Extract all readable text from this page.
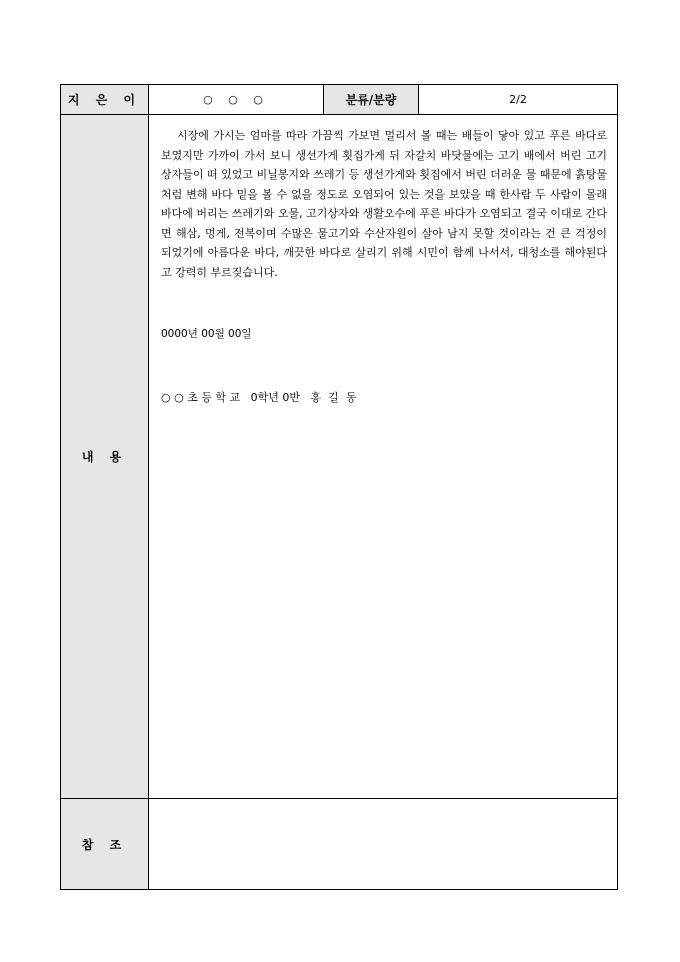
지 은 이	○ ○ ○	분류/분량	2/2
내 용	시장에 가시는 엄마를 따라 가끔씩 가보면 멀리서 볼 때는 배들이 닿아 있고 푸른 바다로 보였지만 가까이 가서 보니 생선가게 횟집가게 뒤 자갈치 바닷물에는 고기 배에서 버린 고기 상자들이 떠 있었고 비닐봉지와 쓰레기 등 생선가게와 횟집에서 버린 더러운 물 때문에 흙탕물처럼 변해 바다 밑을 볼 수 없을 정도로 오염되어 있는 것을 보았을 때 한사람 두 사람이 몰래 바다에 버리는 쓰레기와 오물, 고기상자와 생활오수에 푸른 바다가 오염되고 결국 이대로 간다면 해삼, 멍게, 전복이며 수많은 물고기와 수산자원이 살아 남지 못할 것이라는 건 큰 걱정이 되었기에 아름다운 바다, 깨끗한 바다로 살리기 위해 시민이 함께 나서서, 대청소를 해야된다고 강력히 부르짖습니다.

0000년 00월 00일

○ ○ 초 등 학 교   0학년 0반   홍  길  동		

참 조			
